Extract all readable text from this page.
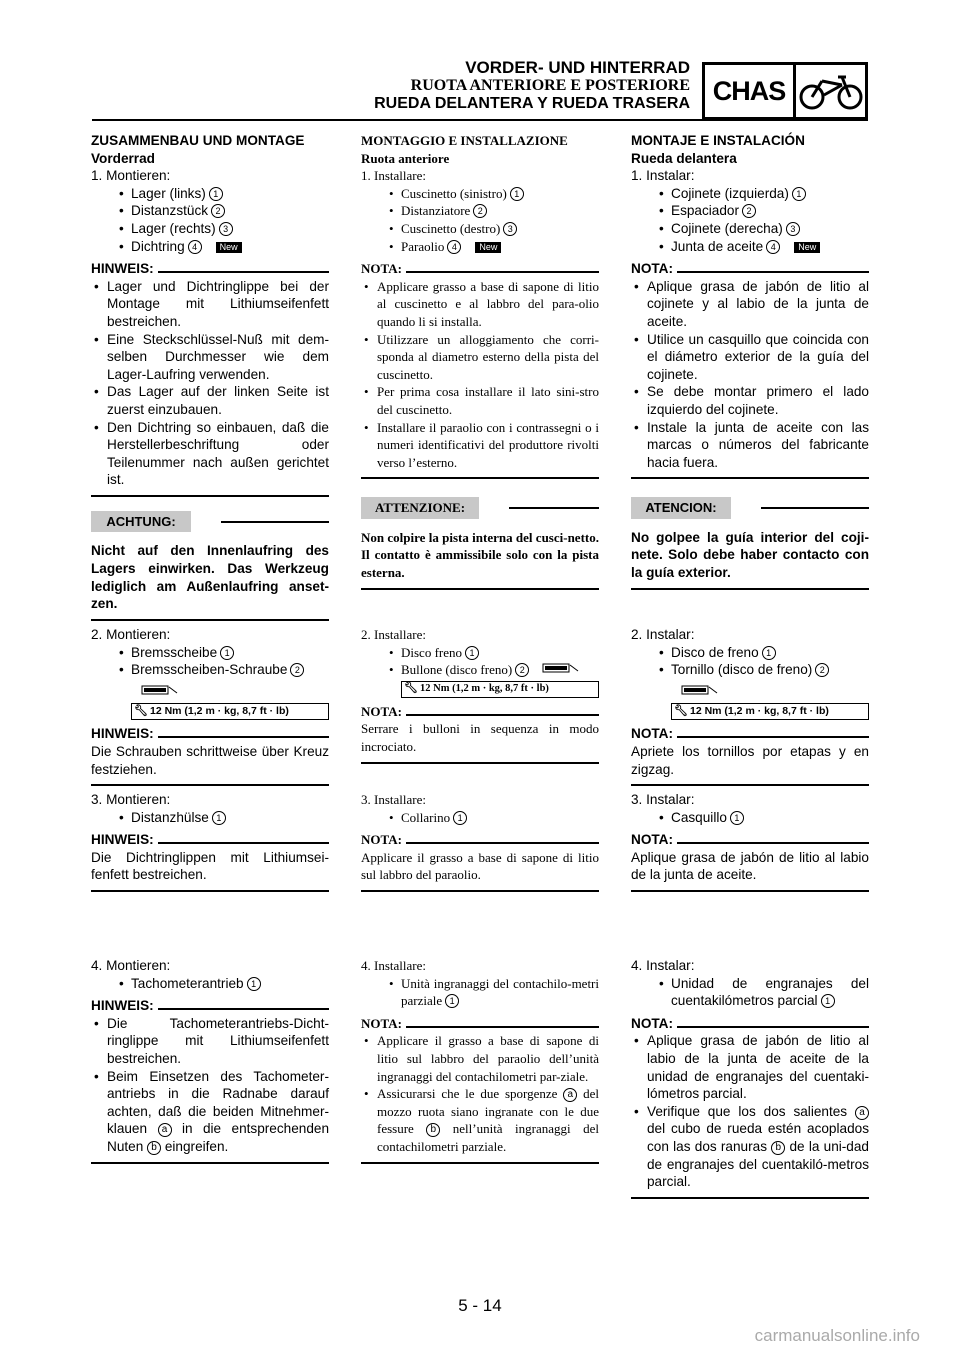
VORDER- UND HINTERRAD
RUOTA ANTERIORE E POSTERIORE
RUEDA DELANTERA Y RUEDA TRASERA CHAS
ZUSAMMENBAU UND MONTAGE
Vorderrad
1. Montieren:
• Lager (links) 1
• Distanzstück 2
• Lager (rechts) 3
• Dichtring 4	New
HINWEIS:
• Lager und Dichtringlippe bei der Montage mit Lithiumseifenfett bestreichen.
• Eine Steckschlüssel-Nuß mit dem-selben Durchmesser wie dem Lager-Laufring verwenden.
• Das Lager auf der linken Seite ist zuerst einzubauen.
• Den Dichtring so einbauen, daß die Herstellerbeschriftung oder Teilenummer nach außen gerichtet ist.
ACHTUNG:
Nicht auf den Innenlaufring des Lagers einwirken. Das Werkzeug lediglich am Außenlaufring anset-zen.
2. Montieren:
• Bremsscheibe 1
• Bremsscheiben-Schraube 2
🔧︎ 12 Nm (1,2 m · kg, 8,7 ft · lb)
HINWEIS:
Die Schrauben schrittweise über Kreuz festziehen.
3. Montieren:
• Distanzhülse 1
HINWEIS:
Die Dichtringlippen mit Lithiumsei-fenfett bestreichen.
4. Montieren:
• Tachometerantrieb 1
HINWEIS:
• Die Tachometerantriebs-Dicht-ringlippe mit Lithiumseifenfett bestreichen.
• Beim Einsetzen des Tachometer-antriebs in die Radnabe darauf achten, daß die beiden Mitnehmer-klauen a in die entsprechenden Nuten b eingreifen.
MONTAGGIO E INSTALLAZIONE
Ruota anteriore
1. Installare:
• Cuscinetto (sinistro) 1
• Distanziatore 2
• Cuscinetto (destro) 3
• Paraolio 4	New
NOTA:
• Applicare grasso a base di sapone di litio al cuscinetto e al labbro del para-olio quando li si installa.
• Utilizzare un alloggiamento che corri-sponda al diametro esterno della pista del cuscinetto.
• Per prima cosa installare il lato sini-stro del cuscinetto.
• Installare il paraolio con i contrassegni o i numeri identificativi del produttore rivolti verso l’esterno.
ATTENZIONE:
Non colpire la pista interna del cusci-netto. Il contatto è ammissibile solo con la pista esterna.
2. Installare:
• Disco freno 1
• Bullone (disco freno) 2
🔧︎ 12 Nm (1,2 m · kg, 8,7 ft · lb)
NOTA:
Serrare i bulloni in sequenza in modo incrociato.
3. Installare:
• Collarino 1
NOTA:
Applicare il grasso a base di sapone di litio sul labbro del paraolio.
4. Installare:
• Unità ingranaggi del contachilo-metri parziale 1
NOTA:
• Applicare il grasso a base di sapone di litio sul labbro del paraolio dell’unità ingranaggi del contachilometri par-ziale.
• Assicurarsi che le due sporgenze a del mozzo ruota siano ingranate con le due fessure b nell’unità ingranaggi del contachilometri parziale.
MONTAJE E INSTALACIÓN
Rueda delantera
1. Instalar:
• Cojinete (izquierda) 1
• Espaciador 2
• Cojinete (derecha) 3
• Junta de aceite 4	New
NOTA:
• Aplique grasa de jabón de litio al cojinete y al labio de la junta de aceite.
• Utilice un casquillo que coincida con el diámetro exterior de la guía del cojinete.
• Se debe montar primero el lado izquierdo del cojinete.
• Instale la junta de aceite con las marcas o números del fabricante hacia fuera.
ATENCION:
No golpee la guía interior del coji-nete. Solo debe haber contacto con la guía exterior.
2. Instalar:
• Disco de freno 1
• Tornillo (disco de freno) 2
🔧︎ 12 Nm (1,2 m · kg, 8,7 ft · lb)
NOTA:
Apriete los tornillos por etapas y en zigzag.
3. Instalar:
• Casquillo 1
NOTA:
Aplique grasa de jabón de litio al labio de la junta de aceite.
4. Instalar:
• Unidad de engranajes del cuentakilómetros parcial 1
NOTA:
• Aplique grasa de jabón de litio al labio de la junta de aceite de la unidad de engranajes del cuentaki-lómetros parcial.
• Verifique que los dos salientes a del cubo de rueda estén acoplados con las dos ranuras b de la uni-dad de engranajes del cuentakiló-metros parcial.
5 - 14
carmanualsonline.info
